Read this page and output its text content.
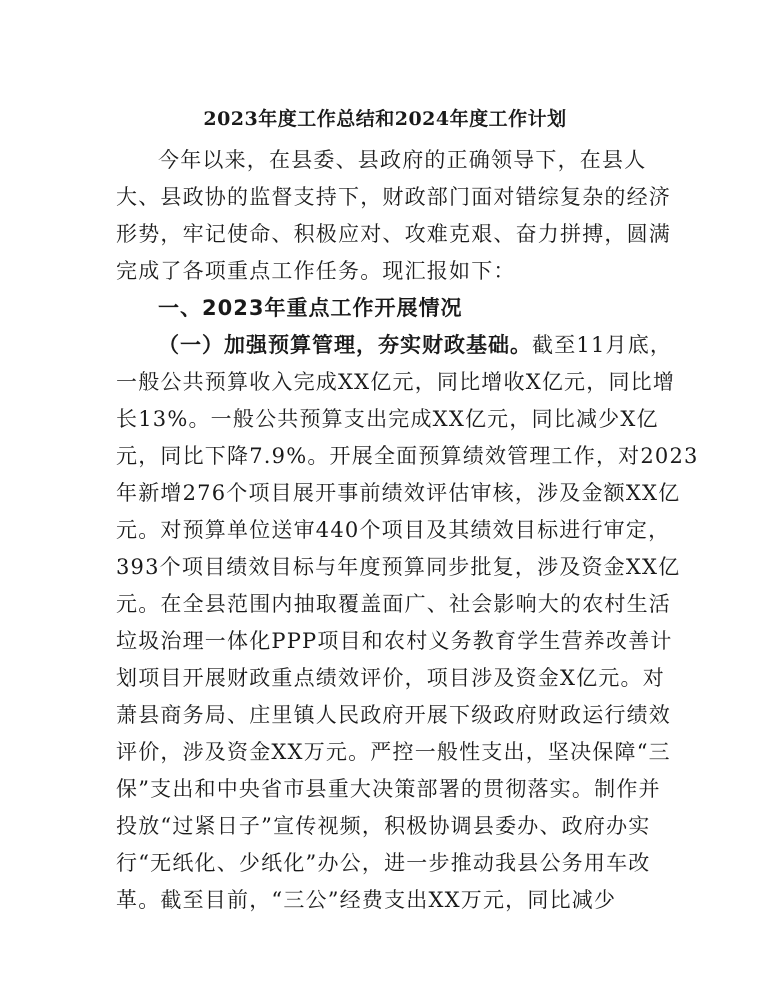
2023年度工作总结和2024年度工作计划
今年以来，在县委、县政府的正确领导下，在县人
大、县政协的监督支持下，财政部门面对错综复杂的经济
形势，牢记使命、积极应对、攻难克艰、奋力拼搏，圆满
完成了各项重点工作任务。现汇报如下：
一、2023年重点工作开展情况
（一）加强预算管理，夯实财政基础。截至11月底，
一般公共预算收入完成XX亿元，同比增收X亿元，同比增
长13%。一般公共预算支出完成XX亿元，同比减少X亿
元，同比下降7.9%。开展全面预算绩效管理工作，对2023
年新增276个项目展开事前绩效评估审核，涉及金额XX亿
元。对预算单位送审440个项目及其绩效目标进行审定，
393个项目绩效目标与年度预算同步批复，涉及资金XX亿
元。在全县范围内抽取覆盖面广、社会影响大的农村生活
垃圾治理一体化PPP项目和农村义务教育学生营养改善计
划项目开展财政重点绩效评价，项目涉及资金X亿元。对
萧县商务局、庄里镇人民政府开展下级政府财政运行绩效
评价，涉及资金XX万元。严控一般性支出，坚决保障“三
保”支出和中央省市县重大决策部署的贯彻落实。制作并
投放“过紧日子”宣传视频，积极协调县委办、政府办实
行“无纸化、少纸化”办公，进一步推动我县公务用车改
革。截至目前，“三公”经费支出XX万元，同比减少
